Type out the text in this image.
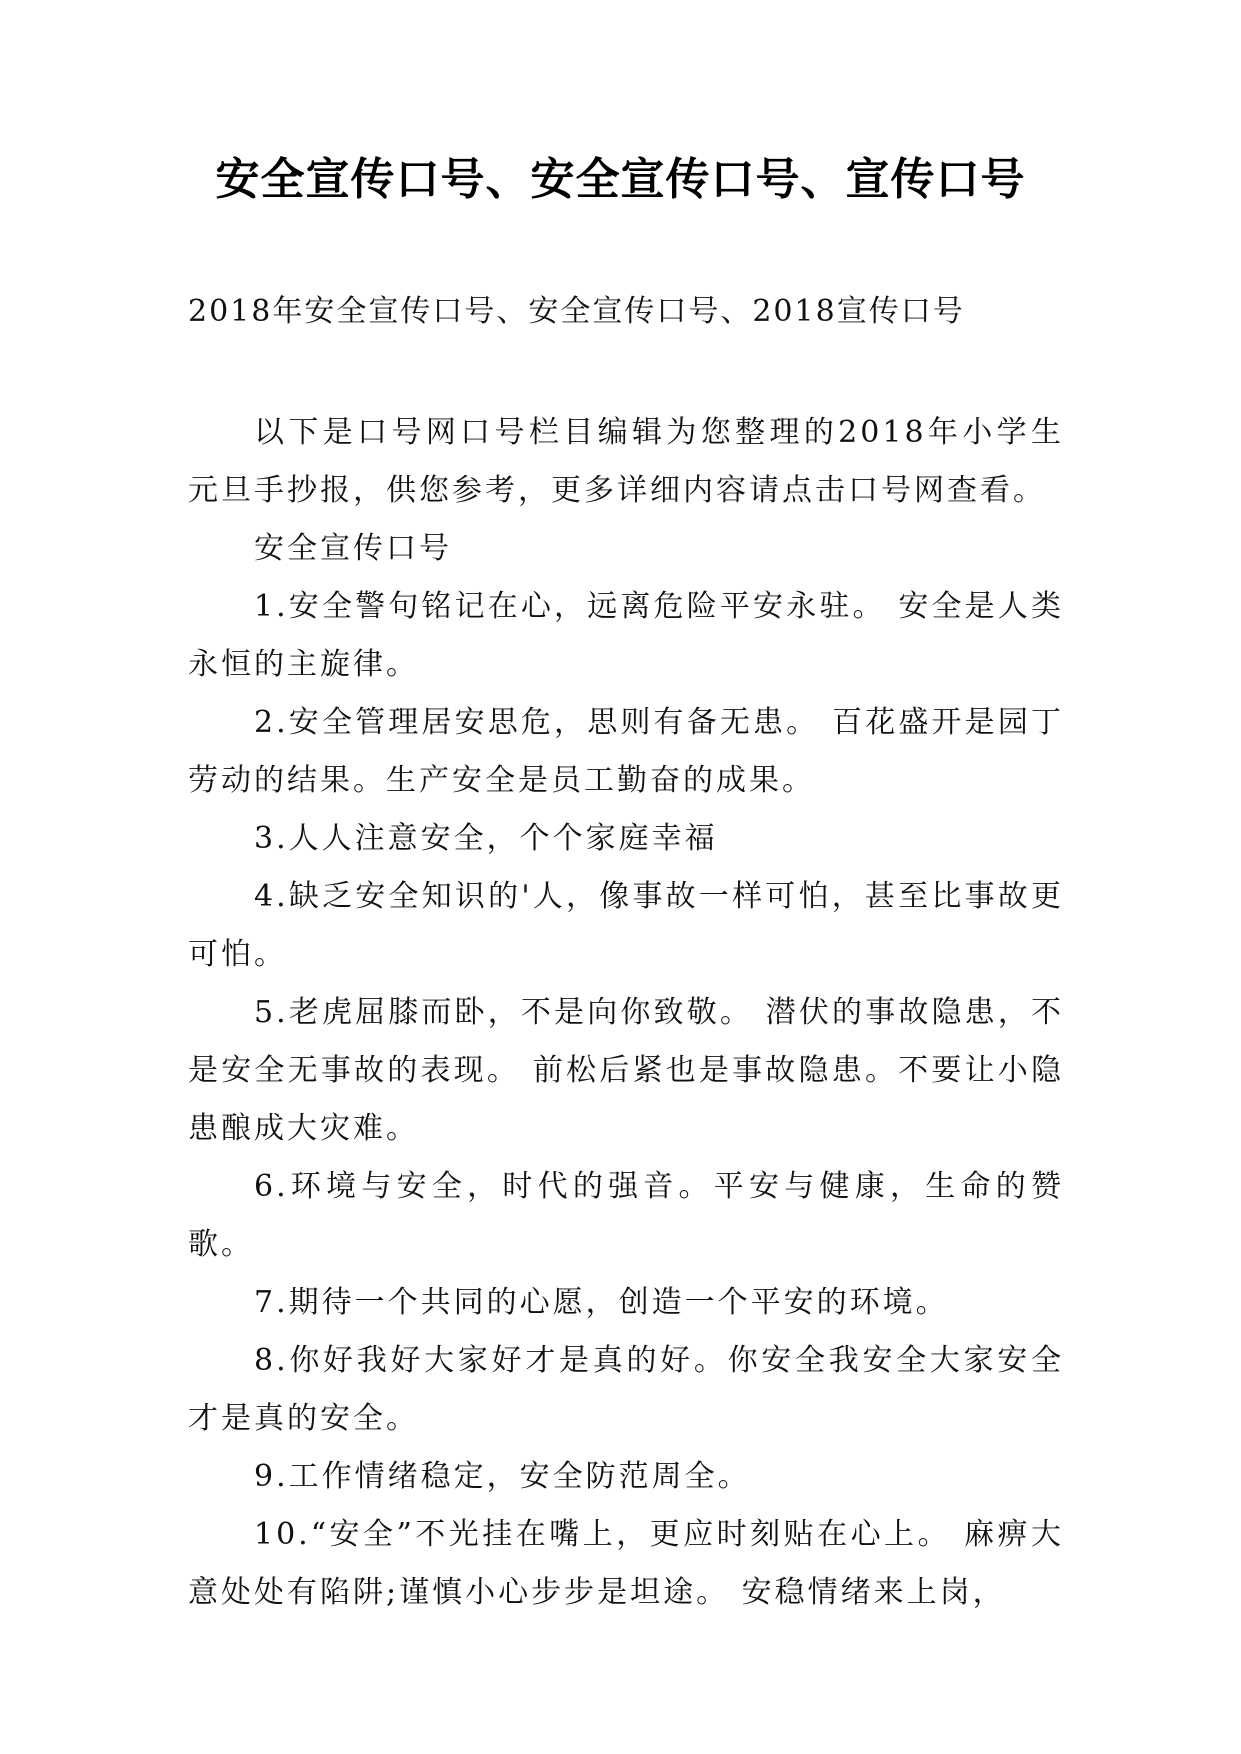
安全宣传口号、安全宣传口号、宣传口号
2018年安全宣传口号、安全宣传口号、2018宣传口号

以下是口号网口号栏目编辑为您整理的2018年小学生元旦手抄报，供您参考，更多详细内容请点击口号网查看。

安全宣传口号

1.安全警句铭记在心，远离危险平安永驻。 安全是人类永恒的主旋律。

2.安全管理居安思危，思则有备无患。 百花盛开是园丁劳动的结果。生产安全是员工勤奋的成果。

3.人人注意安全，个个家庭幸福

4.缺乏安全知识的'人，像事故一样可怕，甚至比事故更可怕。

5.老虎屈膝而卧，不是向你致敬。 潜伏的事故隐患，不是安全无事故的表现。 前松后紧也是事故隐患。不要让小隐患酿成大灾难。

6.环境与安全，时代的强音。平安与健康，生命的赞歌。

7.期待一个共同的心愿，创造一个平安的环境。

8.你好我好大家好才是真的好。你安全我安全大家安全才是真的安全。

9.工作情绪稳定，安全防范周全。

10.“安全”不光挂在嘴上，更应时刻贴在心上。 麻痹大意处处有陷阱;谨慎小心步步是坦途。 安稳情绪来上岗，
